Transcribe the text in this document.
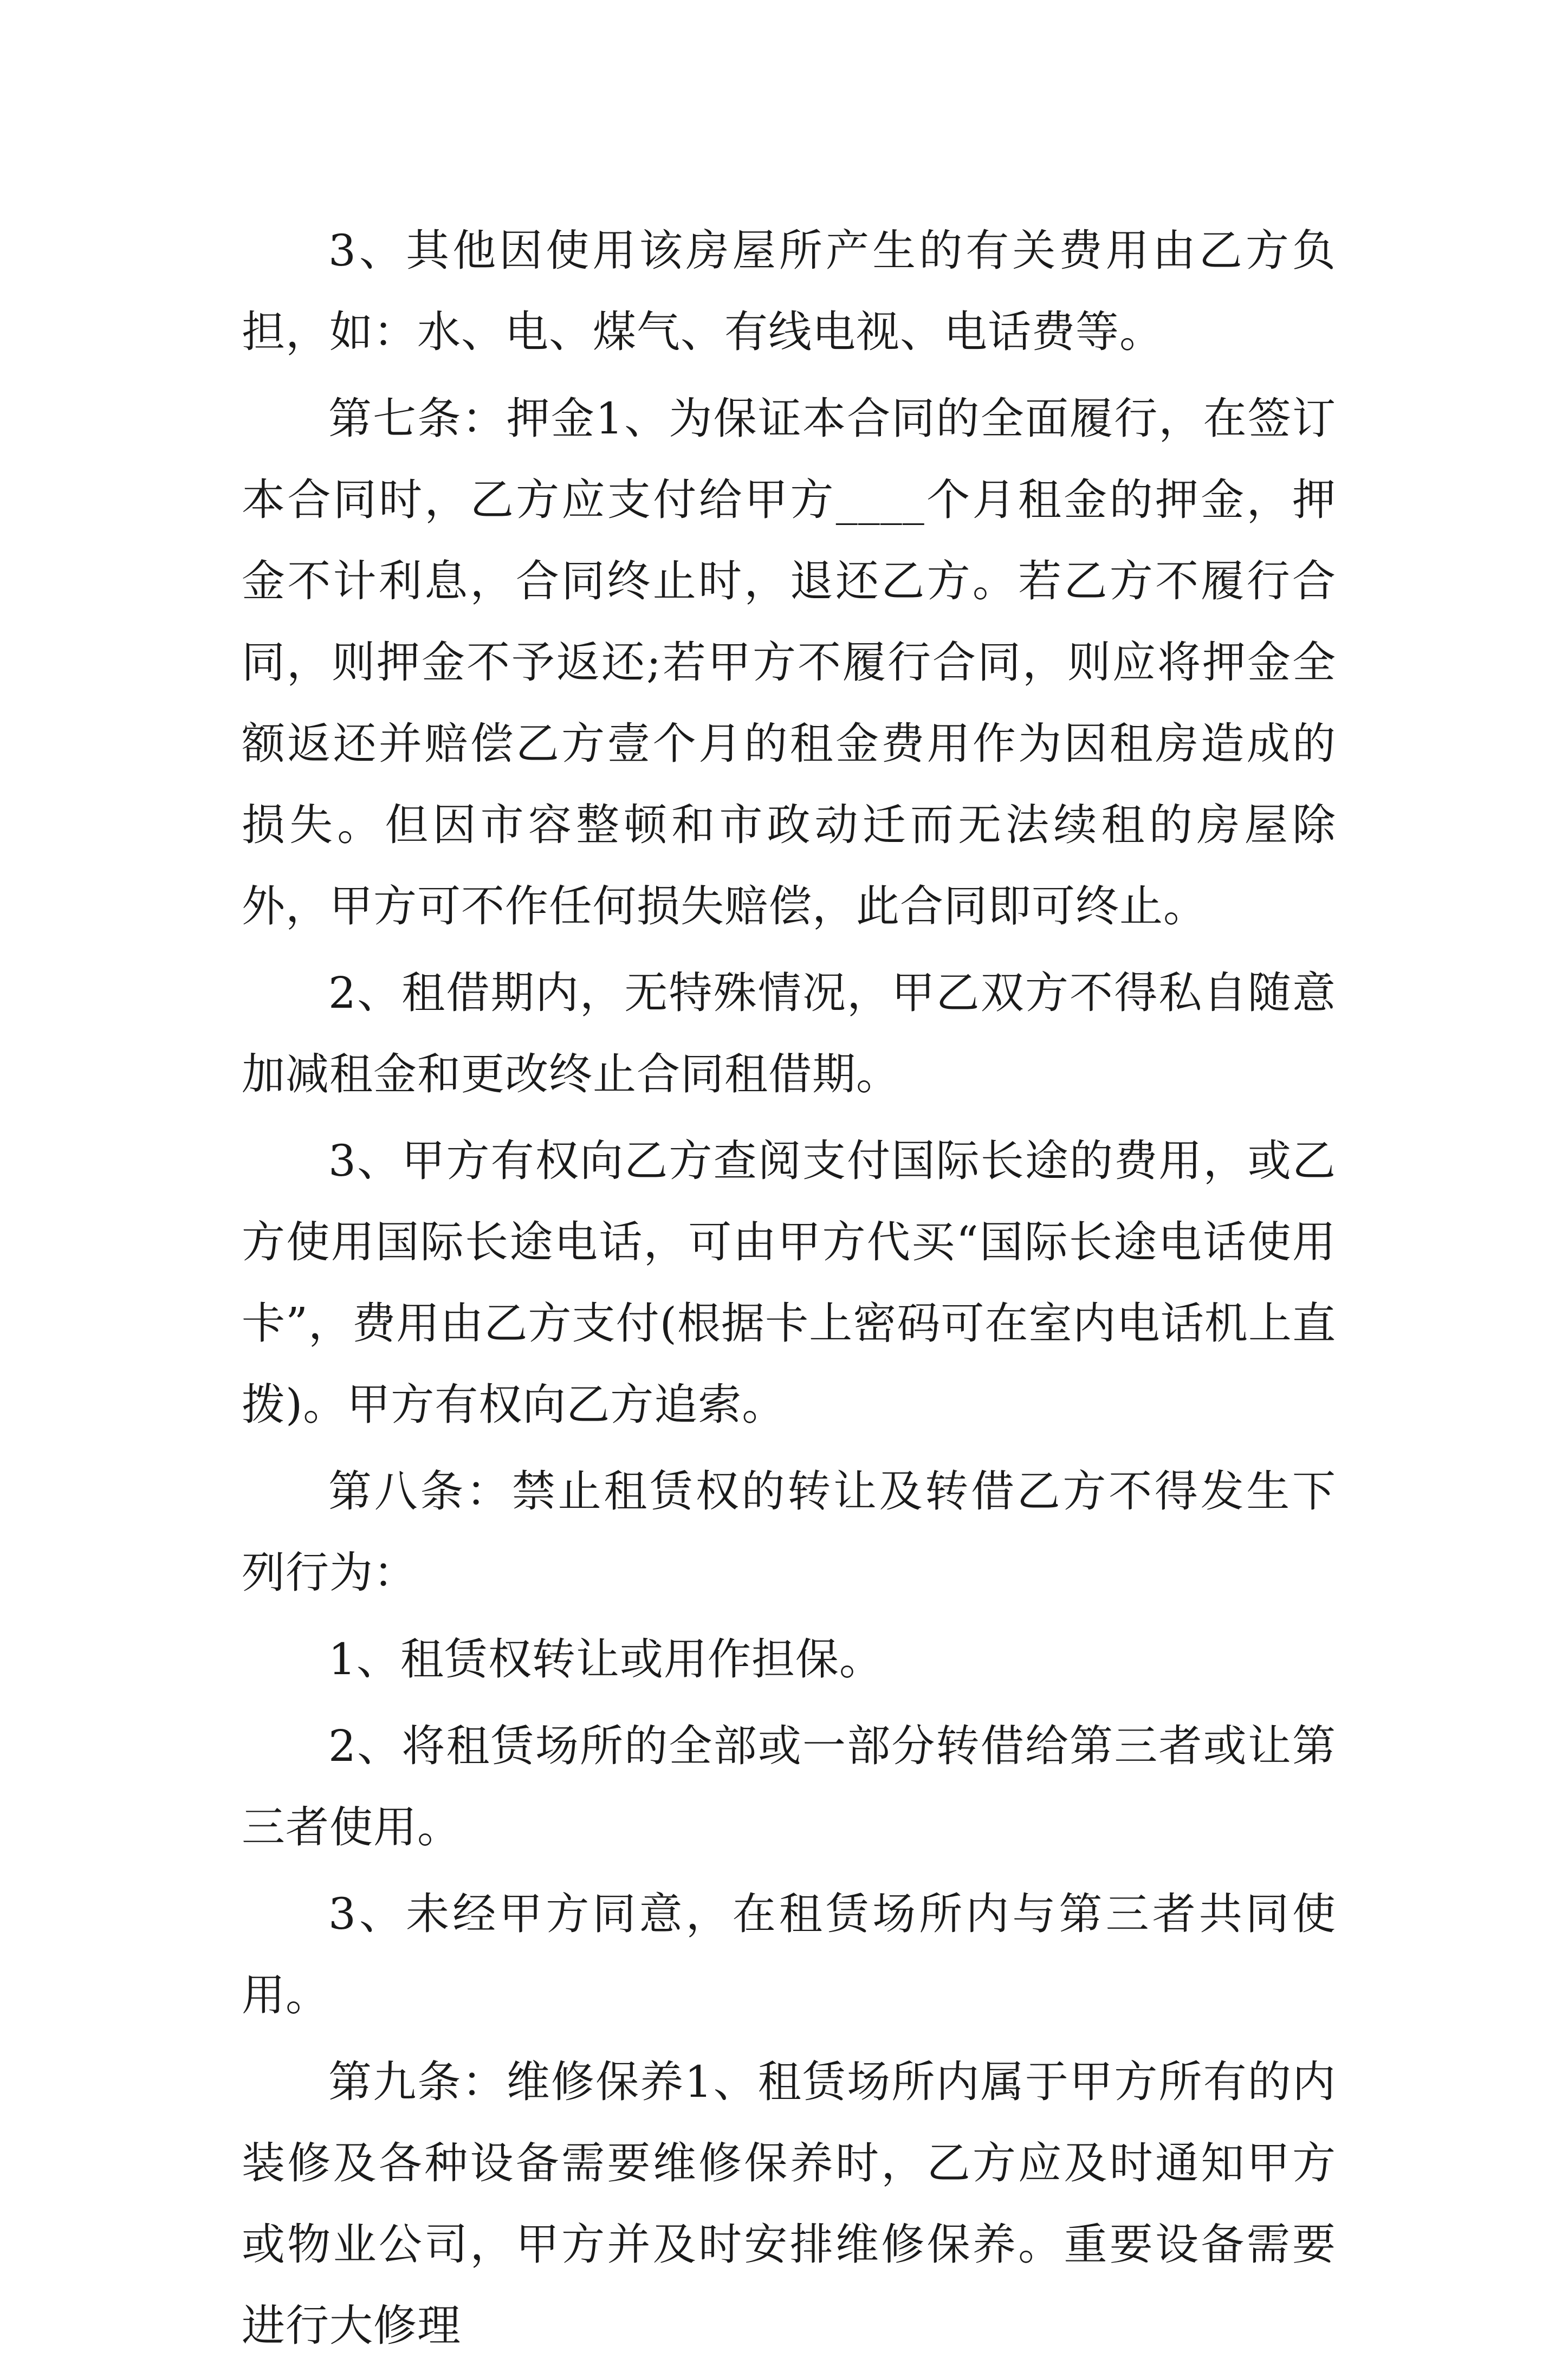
3、其他因使用该房屋所产生的有关费用由乙方负担，如：水、电、煤气、有线电视、电话费等。

第七条：押金1、为保证本合同的全面履行，在签订本合同时，乙方应支付给甲方____个月租金的押金，押金不计利息，合同终止时，退还乙方。若乙方不履行合同，则押金不予返还;若甲方不履行合同，则应将押金全额返还并赔偿乙方壹个月的租金费用作为因租房造成的损失。但因市容整顿和市政动迁而无法续租的房屋除外，甲方可不作任何损失赔偿，此合同即可终止。

2、租借期内，无特殊情况，甲乙双方不得私自随意加减租金和更改终止合同租借期。

3、甲方有权向乙方查阅支付国际长途的费用，或乙方使用国际长途电话，可由甲方代买“国际长途电话使用卡”，费用由乙方支付(根据卡上密码可在室内电话机上直拨)。甲方有权向乙方追索。

第八条：禁止租赁权的转让及转借乙方不得发生下列行为：

1、租赁权转让或用作担保。

2、将租赁场所的全部或一部分转借给第三者或让第三者使用。

3、未经甲方同意，在租赁场所内与第三者共同使用。

第九条：维修保养1、租赁场所内属于甲方所有的内装修及各种设备需要维修保养时，乙方应及时通知甲方或物业公司，甲方并及时安排维修保养。重要设备需要进行大修理
